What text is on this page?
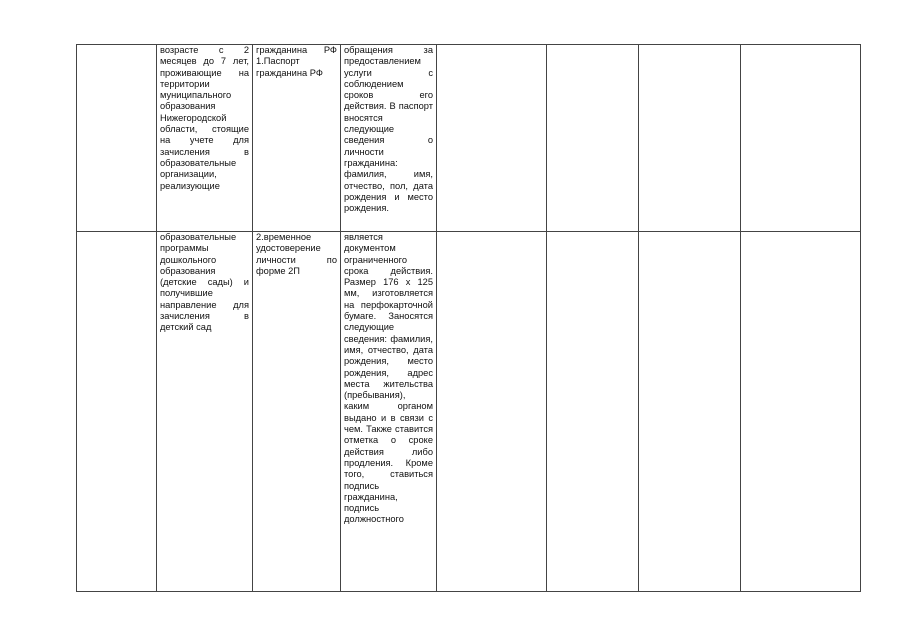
	возрасте с 2 месяцев до 7 лет, проживающие на территории муниципального образования Нижегородской области, стоящие на учете для зачисления в образовательные организации, реализующие	гражданина РФ 1.Паспорт гражданина РФ	обращения за предоставлением услуги с соблюдением сроков его действия. В паспорт вносятся следующие сведения о личности гражданина: фамилия, имя, отчество, пол, дата рождения и место рождения.				

	образовательные программы дошкольного образования (детские сады) и получившие направление для зачисления в детский сад	2.временное удостоверение личности по форме 2П	является документом ограниченного срока действия. Размер 176 х 125 мм, изготовляется на перфокарточной бумаге. Заносятся следующие сведения: фамилия, имя, отчество, дата рождения, место рождения, адрес места жительства (пребывания), каким органом выдано и в связи с чем. Также ставится отметка о сроке действия либо продления. Кроме того, ставиться подпись гражданина, подпись должностного				
